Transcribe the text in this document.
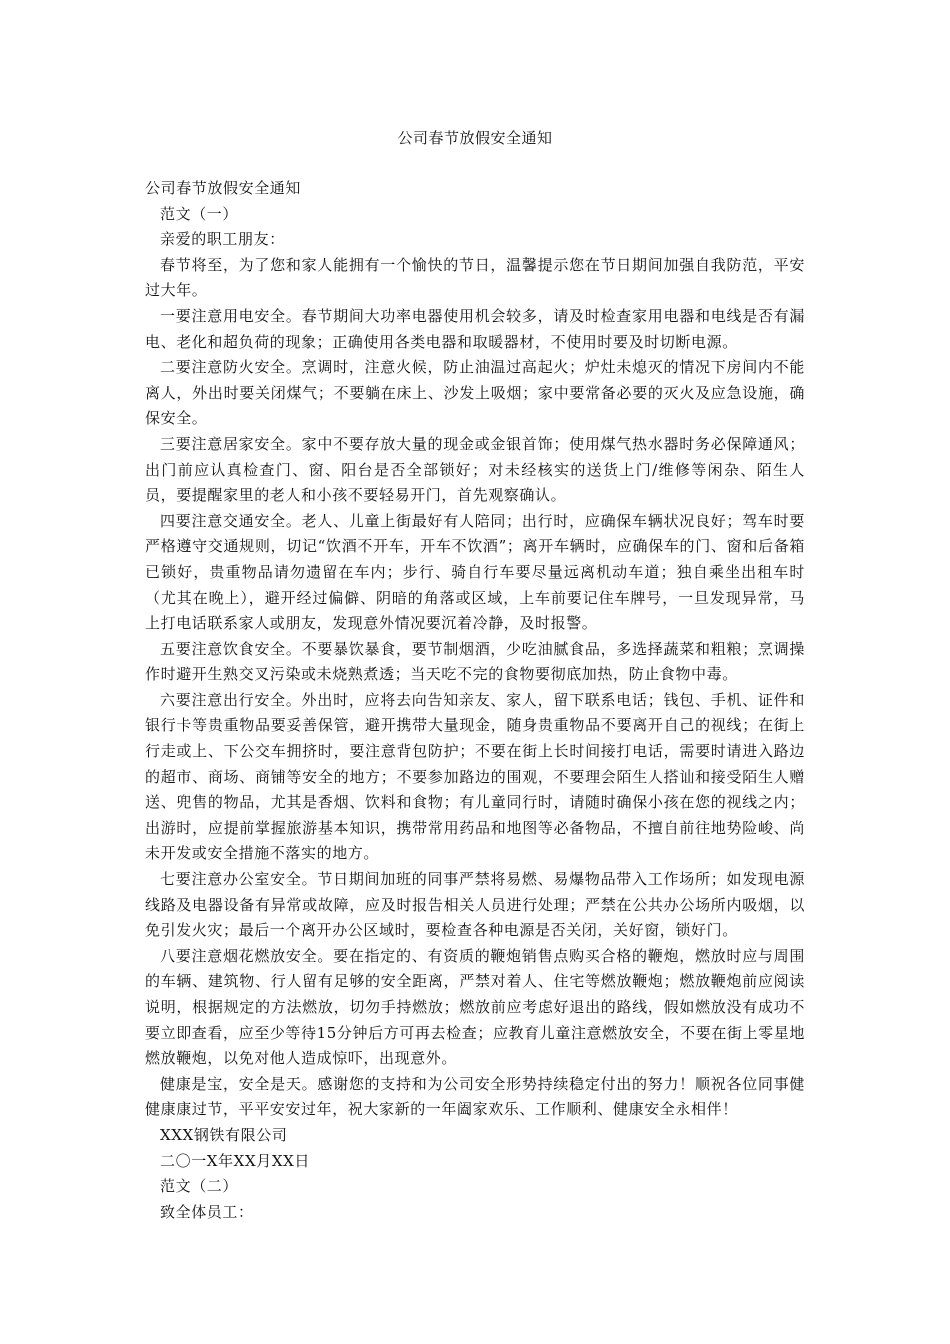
公司春节放假安全通知

公司春节放假安全通知

范文（一）

亲爱的职工朋友：

春节将至，为了您和家人能拥有一个愉快的节日，温馨提示您在节日期间加强自我防范，平安过大年。

一要注意用电安全。春节期间大功率电器使用机会较多，请及时检查家用电器和电线是否有漏电、老化和超负荷的现象；正确使用各类电器和取暖器材，不使用时要及时切断电源。

二要注意防火安全。烹调时，注意火候，防止油温过高起火；炉灶未熄灭的情况下房间内不能离人，外出时要关闭煤气；不要躺在床上、沙发上吸烟；家中要常备必要的灭火及应急设施，确保安全。

三要注意居家安全。家中不要存放大量的现金或金银首饰；使用煤气热水器时务必保障通风；出门前应认真检查门、窗、阳台是否全部锁好；对未经核实的送货上门/维修等闲杂、陌生人员，要提醒家里的老人和小孩不要轻易开门，首先观察确认。

四要注意交通安全。老人、儿童上街最好有人陪同；出行时，应确保车辆状况良好；驾车时要严格遵守交通规则，切记“饮酒不开车，开车不饮酒”；离开车辆时，应确保车的门、窗和后备箱已锁好，贵重物品请勿遗留在车内；步行、骑自行车要尽量远离机动车道；独自乘坐出租车时（尤其在晚上），避开经过偏僻、阴暗的角落或区域，上车前要记住车牌号，一旦发现异常，马上打电话联系家人或朋友，发现意外情况要沉着冷静，及时报警。

五要注意饮食安全。不要暴饮暴食，要节制烟酒，少吃油腻食品，多选择蔬菜和粗粮；烹调操作时避开生熟交叉污染或未烧熟煮透；当天吃不完的食物要彻底加热，防止食物中毒。

六要注意出行安全。外出时，应将去向告知亲友、家人，留下联系电话；钱包、手机、证件和银行卡等贵重物品要妥善保管，避开携带大量现金，随身贵重物品不要离开自己的视线；在街上行走或上、下公交车拥挤时，要注意背包防护；不要在街上长时间接打电话，需要时请进入路边的超市、商场、商铺等安全的地方；不要参加路边的围观，不要理会陌生人搭讪和接受陌生人赠送、兜售的物品，尤其是香烟、饮料和食物；有儿童同行时，请随时确保小孩在您的视线之内；出游时，应提前掌握旅游基本知识，携带常用药品和地图等必备物品，不擅自前往地势险峻、尚未开发或安全措施不落实的地方。

七要注意办公室安全。节日期间加班的同事严禁将易燃、易爆物品带入工作场所；如发现电源线路及电器设备有异常或故障，应及时报告相关人员进行处理；严禁在公共办公场所内吸烟，以免引发火灾；最后一个离开办公区域时，要检查各种电源是否关闭，关好窗，锁好门。

八要注意烟花燃放安全。要在指定的、有资质的鞭炮销售点购买合格的鞭炮，燃放时应与周围的车辆、建筑物、行人留有足够的安全距离，严禁对着人、住宅等燃放鞭炮；燃放鞭炮前应阅读说明，根据规定的方法燃放，切勿手持燃放；燃放前应考虑好退出的路线，假如燃放没有成功不要立即查看，应至少等待15分钟后方可再去检查；应教育儿童注意燃放安全，不要在街上零星地燃放鞭炮，以免对他人造成惊吓，出现意外。

健康是宝，安全是天。感谢您的支持和为公司安全形势持续稳定付出的努力！顺祝各位同事健健康康过节，平平安安过年，祝大家新的一年阖家欢乐、工作顺利、健康安全永相伴！

XXX钢铁有限公司

二〇一X年XX月XX日

范文（二）

致全体员工：
